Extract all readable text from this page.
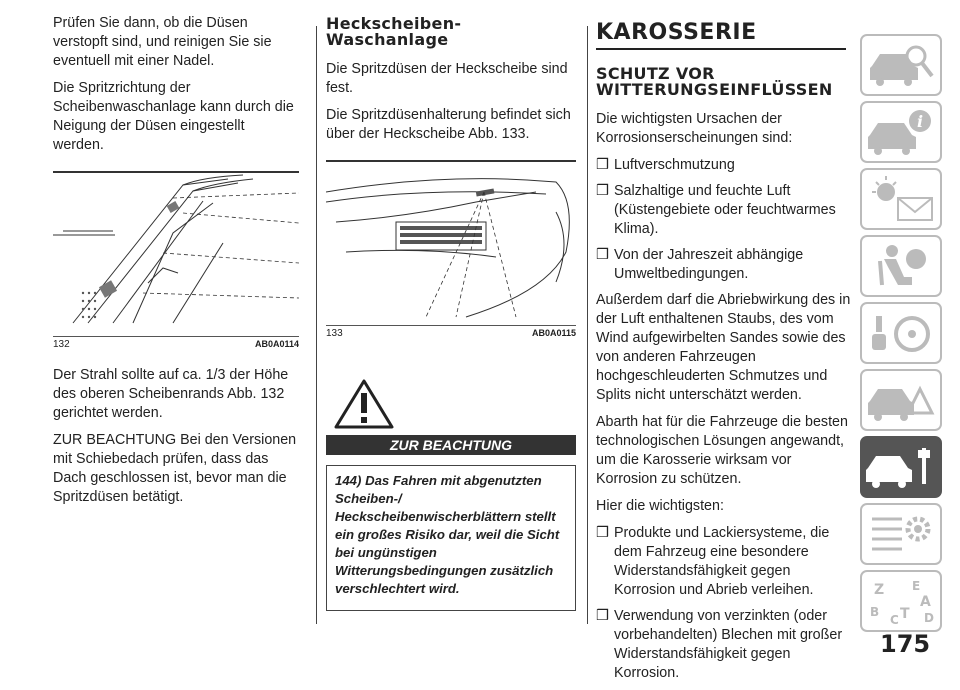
Prüfen Sie dann, ob die Düsen verstopft sind, und reinigen Sie sie eventuell mit einer Nadel.

Die Spritzrichtung der Scheibenwaschanlage kann durch die Neigung der Düsen eingestellt werden.

132	AB0A0114

Der Strahl sollte auf ca. 1/3 der Höhe des oberen Scheibenrands Abb. 132 gerichtet werden.

ZUR BEACHTUNG Bei den Versionen mit Schiebedach prüfen, dass das Dach geschlossen ist, bevor man die Spritzdüsen betätigt.

Heckscheiben-
Waschanlage

Die Spritzdüsen der Heckscheibe sind fest.

Die Spritzdüsenhalterung befindet sich über der Heckscheibe Abb. 133.

133	AB0A0115
ZUR BEACHTUNG
144) Das Fahren mit abgenutzten Scheiben-/ Heckscheibenwischerblättern stellt ein großes Risiko dar, weil die Sicht bei ungünstigen Witterungsbedingungen zusätzlich verschlechtert wird.
KAROSSERIE
SCHUTZ VOR
WITTERUNGSEINFLÜSSEN

Die wichtigsten Ursachen der Korrosionserscheinungen sind:

❒ Luftverschmutzung
❒ Salzhaltige und feuchte Luft (Küstengebiete oder feuchtwarmes Klima).
❒ Von der Jahreszeit abhängige Umweltbedingungen.

Außerdem darf die Abriebwirkung des in der Luft enthaltenen Staubs, des vom Wind aufgewirbelten Sandes sowie des von anderen Fahrzeugen hochgeschleuderten Schmutzes und Splits nicht unterschätzt werden.

Abarth hat für die Fahrzeuge die besten technologischen Lösungen angewandt, um die Karosserie wirksam vor Korrosion zu schützen.

Hier die wichtigsten:

❒ Produkte und Lackiersysteme, die dem Fahrzeug eine besondere Widerstandsfähigkeit gegen Korrosion und Abrieb verleihen.
❒ Verwendung von verzinkten (oder vorbehandelten) Blechen mit großer Widerstandsfähigkeit gegen Korrosion.
i
Z E
A
B
C T D
175
